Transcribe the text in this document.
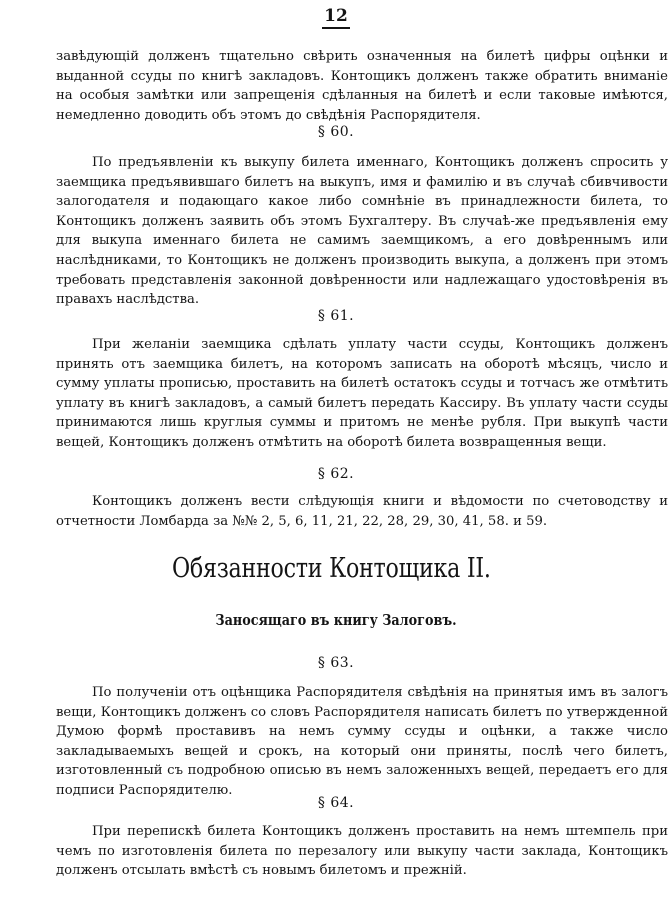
12

завѣдующій долженъ тщательно свѣрить означенныя на билетѣ цифры оцѣнки и выданной ссуды по книгѣ закладовъ. Контощикъ долженъ также обратить вниманіе на особыя замѣтки или запрещенія сдѣланныя на билетѣ и если таковые имѣются, немедленно доводить объ этомъ до свѣдѣнія Распорядителя.

§ 60.

По предъявленіи къ выкупу билета именнаго, Контощикъ долженъ спросить у заемщика предъявившаго билетъ на выкупъ, имя и фамилію и въ случаѣ сбивчивости залогодателя и подающаго какое либо сомнѣніе въ принадлежности билета, то Контощикъ долженъ заявить объ этомъ Бухгалтеру. Въ случаѣ-же предъявленія ему для выкупа именнаго билета не самимъ заемщикомъ, а его довѣреннымъ или наслѣдниками, то Контощикъ не долженъ производить выкупа, а долженъ при этомъ требовать представленія законной довѣренности или надлежащаго удостовѣренія въ правахъ наслѣдства.

§ 61.

При желаніи заемщика сдѣлать уплату части ссуды, Контощикъ долженъ принять отъ заемщика билетъ, на которомъ записать на оборотѣ мѣсяцъ, число и сумму уплаты прописью, проставить на билетѣ остатокъ ссуды и тотчасъ же отмѣтить уплату въ книгѣ закладовъ, а самый билетъ передать Кассиру. Въ уплату части ссуды принимаются лишь круглыя суммы и притомъ не менѣе рубля. При выкупѣ части вещей, Контощикъ долженъ отмѣтить на оборотѣ билета возвращенныя вещи.

§ 62.

Контощикъ долженъ вести слѣдующія книги и вѣдомости по счетоводству и отчетности Ломбарда за №№ 2, 5, 6, 11, 21, 22, 28, 29, 30, 41, 58. и 59.

Обязанности Контощика II.
Заносящаго въ книгу Залоговъ.
§ 63.

По полученіи отъ оцѣнщика Распорядителя свѣдѣнія на принятыя имъ въ залогъ вещи, Контощикъ долженъ со словъ Распорядителя написать билетъ по утвержденной Думою формѣ проставивъ на немъ сумму ссуды и оцѣнки, а также число закладываемыхъ вещей и срокъ, на который они приняты, послѣ чего билетъ, изготовленный съ подробною описью въ немъ заложенныхъ вещей, передаетъ его для подписи Распорядителю.

§ 64.

При перепискѣ билета Контощикъ долженъ проставить на немъ штемпель при чемъ по изготовленія билета по перезалогу или выкупу части заклада, Контощикъ долженъ отсылать вмѣстѣ съ новымъ билетомъ и прежній.
